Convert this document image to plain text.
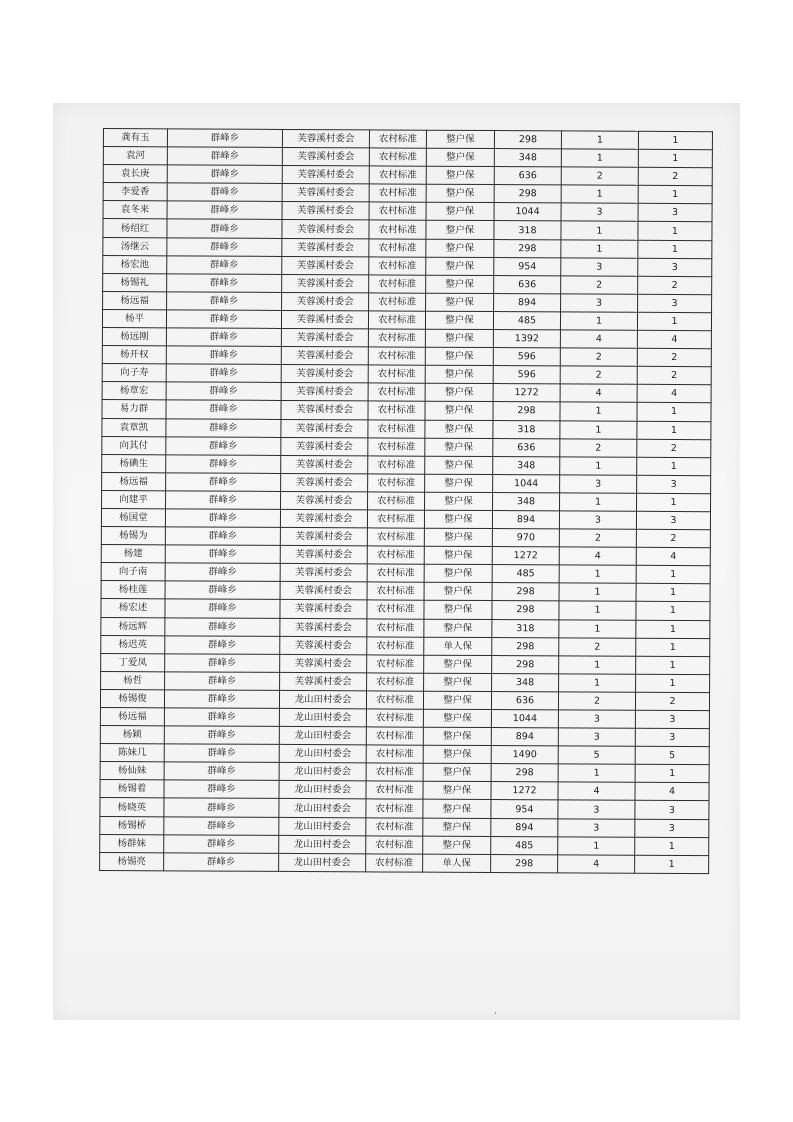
龚有玉	群峰乡	芙蓉溪村委会	农村标准	整户保	298	1	1
袁河	群峰乡	芙蓉溪村委会	农村标准	整户保	348	1	1
袁长庚	群峰乡	芙蓉溪村委会	农村标准	整户保	636	2	2
李爱香	群峰乡	芙蓉溪村委会	农村标准	整户保	298	1	1
袁冬来	群峰乡	芙蓉溪村委会	农村标准	整户保	1044	3	3
杨绍红	群峰乡	芙蓉溪村委会	农村标准	整户保	318	1	1
汤继云	群峰乡	芙蓉溪村委会	农村标准	整户保	298	1	1
杨宏池	群峰乡	芙蓉溪村委会	农村标准	整户保	954	3	3
杨锡礼	群峰乡	芙蓉溪村委会	农村标准	整户保	636	2	2
杨远福	群峰乡	芙蓉溪村委会	农村标准	整户保	894	3	3
杨平	群峰乡	芙蓉溪村委会	农村标准	整户保	485	1	1
杨远刚	群峰乡	芙蓉溪村委会	农村标准	整户保	1392	4	4
杨开权	群峰乡	芙蓉溪村委会	农村标准	整户保	596	2	2
向子寿	群峰乡	芙蓉溪村委会	农村标准	整户保	596	2	2
杨章宏	群峰乡	芙蓉溪村委会	农村标准	整户保	1272	4	4
易力群	群峰乡	芙蓉溪村委会	农村标准	整户保	298	1	1
袁章凯	群峰乡	芙蓉溪村委会	农村标准	整户保	318	1	1
向其付	群峰乡	芙蓉溪村委会	农村标准	整户保	636	2	2
杨碘生	群峰乡	芙蓉溪村委会	农村标准	整户保	348	1	1
杨远福	群峰乡	芙蓉溪村委会	农村标准	整户保	1044	3	3
向建平	群峰乡	芙蓉溪村委会	农村标准	整户保	348	1	1
杨国堂	群峰乡	芙蓉溪村委会	农村标准	整户保	894	3	3
杨锡为	群峰乡	芙蓉溪村委会	农村标准	整户保	970	2	2
杨建	群峰乡	芙蓉溪村委会	农村标准	整户保	1272	4	4
向子南	群峰乡	芙蓉溪村委会	农村标准	整户保	485	1	1
杨桂莲	群峰乡	芙蓉溪村委会	农村标准	整户保	298	1	1
杨宏述	群峰乡	芙蓉溪村委会	农村标准	整户保	298	1	1
杨远辉	群峰乡	芙蓉溪村委会	农村标准	整户保	318	1	1
杨迟英	群峰乡	芙蓉溪村委会	农村标准	单人保	298	2	1
丁爱凤	群峰乡	芙蓉溪村委会	农村标准	整户保	298	1	1
杨哲	群峰乡	芙蓉溪村委会	农村标准	整户保	348	1	1
杨锡俊	群峰乡	龙山田村委会	农村标准	整户保	636	2	2
杨远福	群峰乡	龙山田村委会	农村标准	整户保	1044	3	3
杨颖	群峰乡	龙山田村委会	农村标准	整户保	894	3	3
陈妹几	群峰乡	龙山田村委会	农村标准	整户保	1490	5	5
杨仙妹	群峰乡	龙山田村委会	农村标准	整户保	298	1	1
杨锡着	群峰乡	龙山田村委会	农村标准	整户保	1272	4	4
杨晓英	群峰乡	龙山田村委会	农村标准	整户保	954	3	3
杨锡桥	群峰乡	龙山田村委会	农村标准	整户保	894	3	3
杨群妹	群峰乡	龙山田村委会	农村标准	整户保	485	1	1
杨锡亮	群峰乡	龙山田村委会	农村标准	单人保	298	4	1
·
